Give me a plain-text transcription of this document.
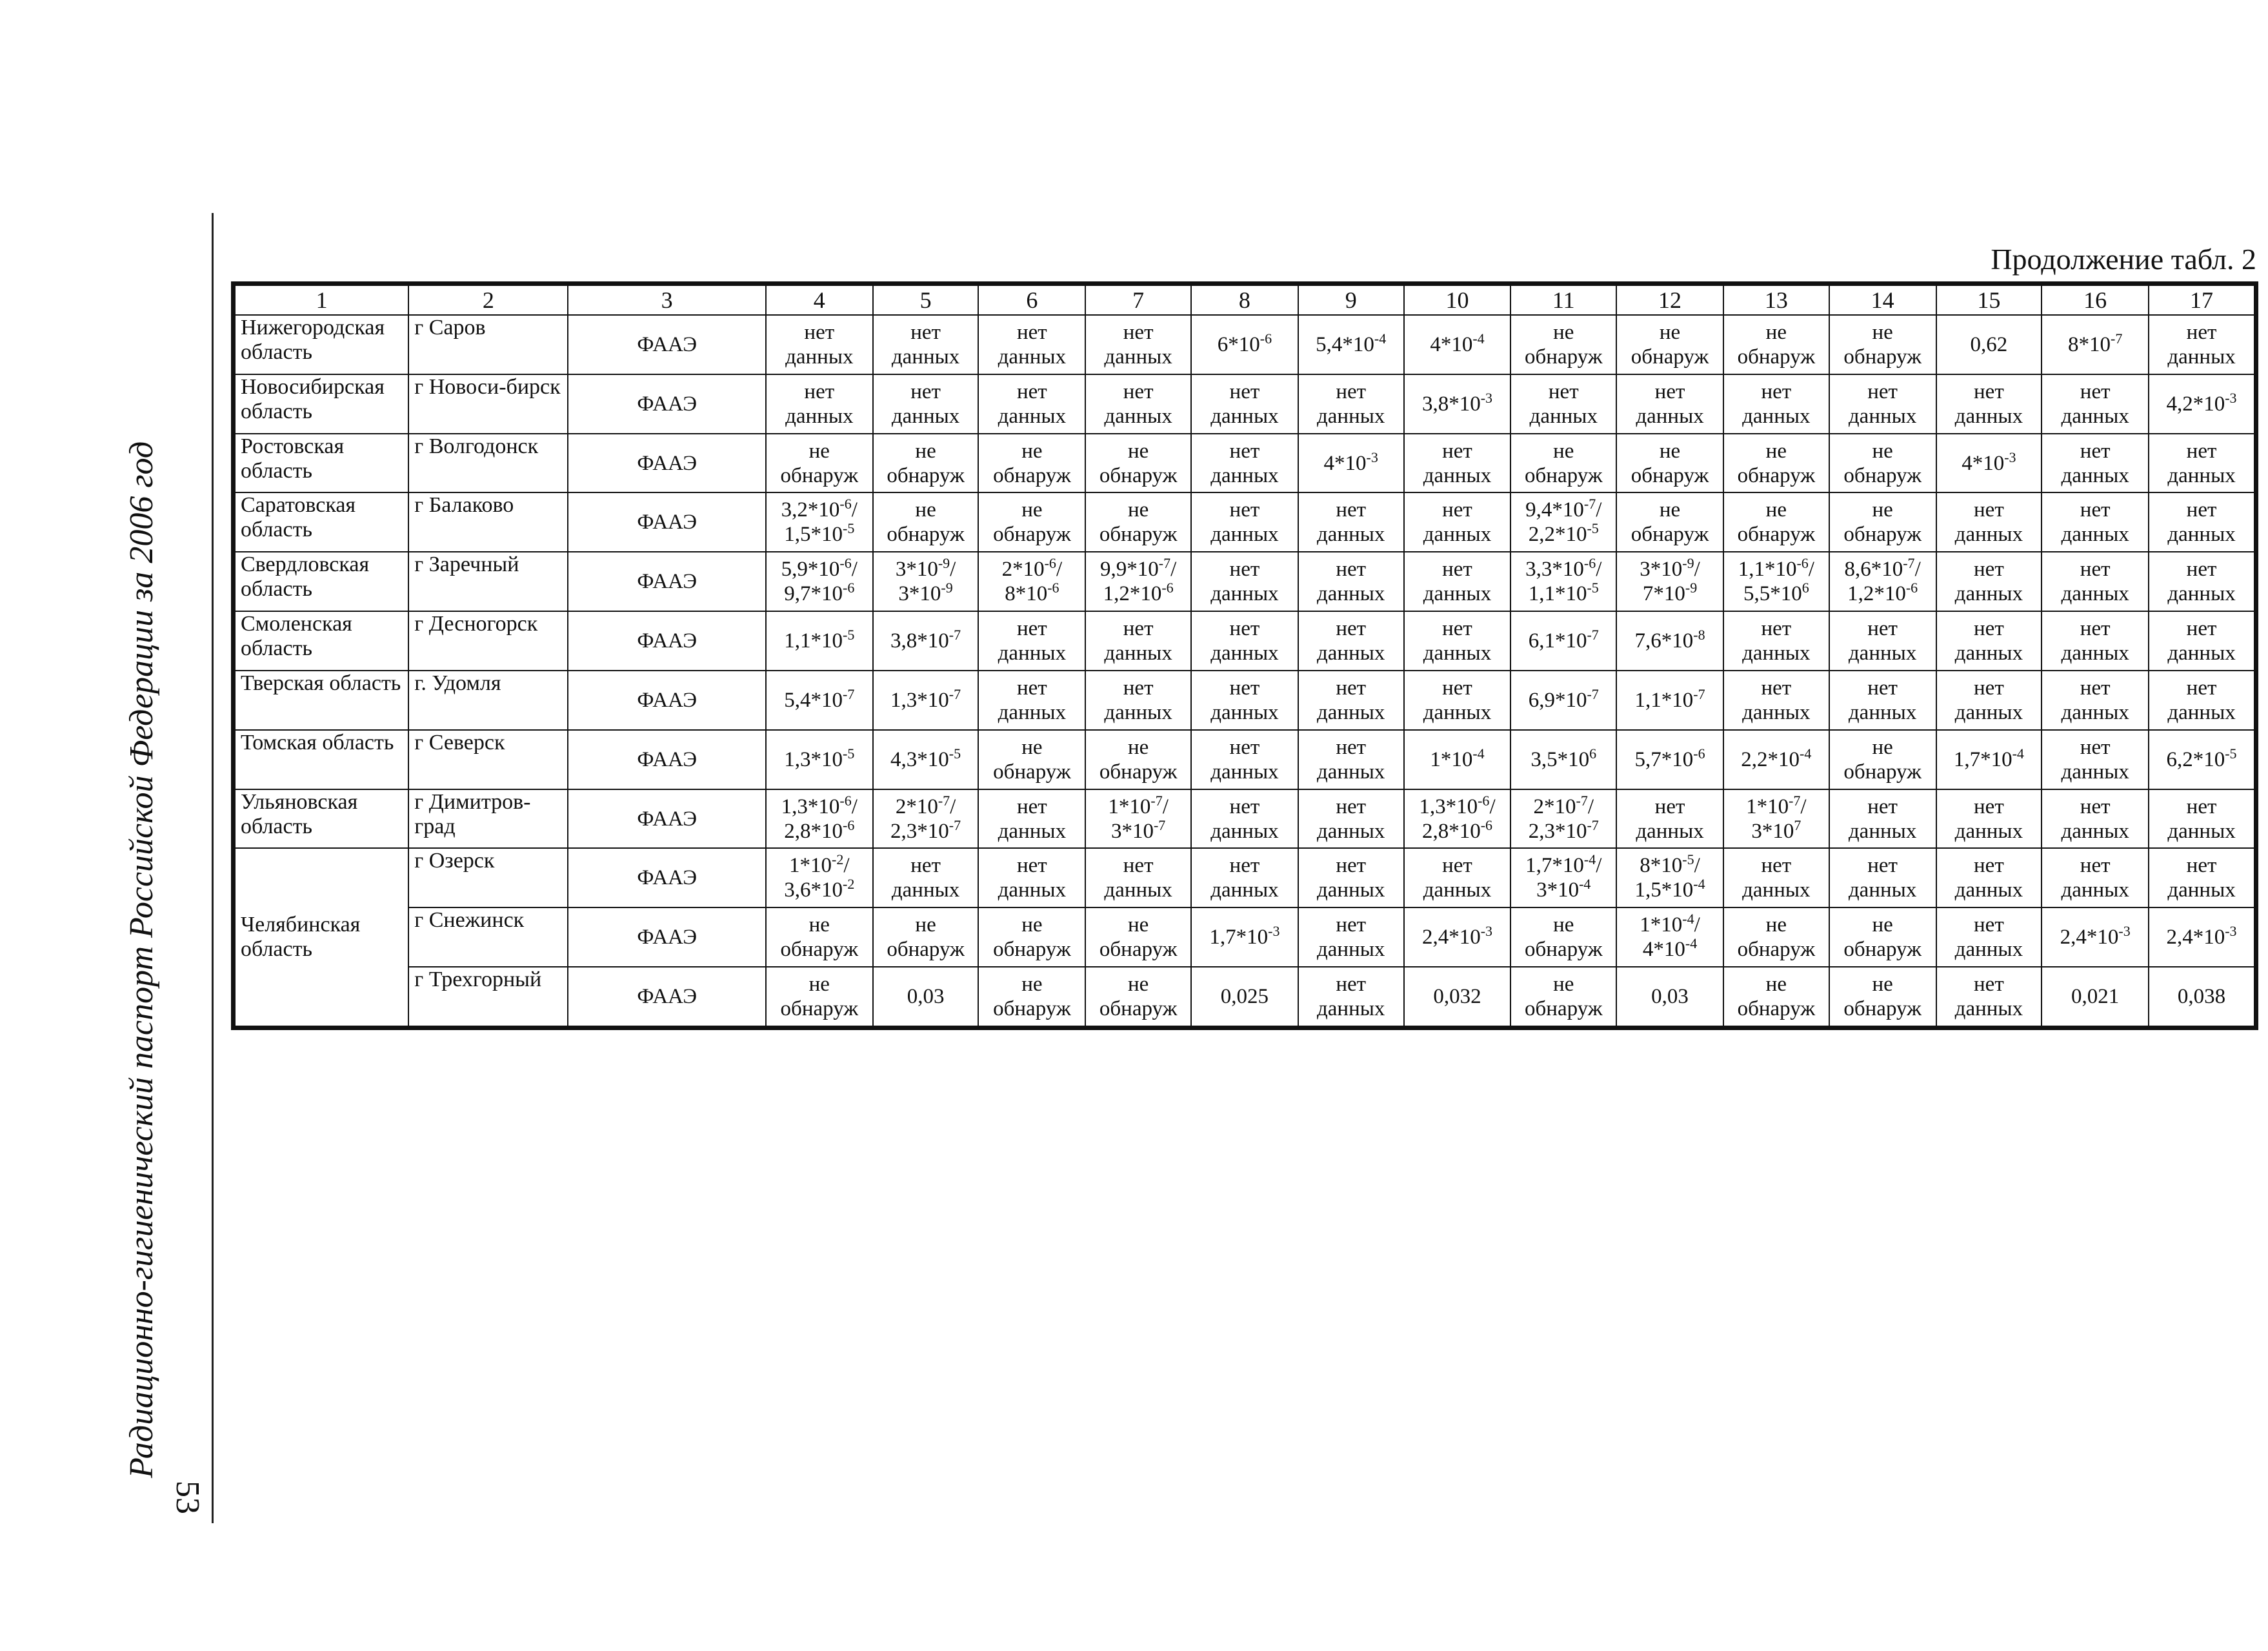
Радиационно-гигиенический паспорт Российской Федерации за 2006 год
53
Продолжение табл. 2
1	2	3	4	5	6	7	8	9	10	11	12	13	14	15	16	17
Нижегородская область	г Саров	ФААЭ	нет данных	нет данных	нет данных	нет данных	$6*10^{-6}$	$5,4*10^{-4}$	$4*10^{-4}$	не обнаруж	не обнаруж	не обнаруж	не обнаруж	0,62	$8*10^{-7}$	нет данных
Новосибирская область	г Новоси-бирск	ФААЭ	нет данных	нет данных	нет данных	нет данных	нет данных	нет данных	$3,8*10^{-3}$	нет данных	нет данных	нет данных	нет данных	нет данных	нет данных	$4,2*10^{-3}$
Ростовская область	г Волгодонск	ФААЭ	не обнаруж	не обнаруж	не обнаруж	не обнаруж	нет данных	$4*10^{-3}$	нет данных	не обнаруж	не обнаруж	не обнаруж	не обнаруж	$4*10^{-3}$	нет данных	нет данных
Саратовская область	г Балаково	ФААЭ	$3,2*10^{-6}/$ $1,5*10^{-5}$	не обнаруж	не обнаруж	не обнаруж	нет данных	нет данных	нет данных	$9,4*10^{-7}/$ $2,2*10^{-5}$	не обнаруж	не обнаруж	не обнаруж	нет данных	нет данных	нет данных
Свердловская область	г Заречный	ФААЭ	$5,9*10^{-6}/$ $9,7*10^{-6}$	$3*10^{-9}/$ $3*10^{-9}$	$2*10^{-6}/$ $8*10^{-6}$	$9,9*10^{-7}/$ $1,2*10^{-6}$	нет данных	нет данных	нет данных	$3,3*10^{-6}/$ $1,1*10^{-5}$	$3*10^{-9}/$ $7*10^{-9}$	$1,1*10^{-6}/$ $5,5*10^6$	$8,6*10^{-7}/$ $1,2*10^{-6}$	нет данных	нет данных	нет данных
Смоленская область	г Десногорск	ФААЭ	$1,1*10^{-5}$	$3,8*10^{-7}$	нет данных	нет данных	нет данных	нет данных	нет данных	$6,1*10^{-7}$	$7,6*10^{-8}$	нет данных	нет данных	нет данных	нет данных	нет данных
Тверская область	г. Удомля	ФААЭ	$5,4*10^{-7}$	$1,3*10^{-7}$	нет данных	нет данных	нет данных	нет данных	нет данных	$6,9*10^{-7}$	$1,1*10^{-7}$	нет данных	нет данных	нет данных	нет данных	нет данных
Томская область	г Северск	ФААЭ	$1,3*10^{-5}$	$4,3*10^{-5}$	не обнаруж	не обнаруж	нет данных	нет данных	$1*10^{-4}$	$3,5*10^6$	$5,7*10^{-6}$	$2,2*10^{-4}$	не обнаруж	$1,7*10^{-4}$	нет данных	$6,2*10^{-5}$
Ульяновская область	г Димитров-град	ФААЭ	$1,3*10^{-6}/$ $2,8*10^{-6}$	$2*10^{-7}/$ $2,3*10^{-7}$	нет данных	$1*10^{-7}/$ $3*10^{-7}$	нет данных	нет данных	$1,3*10^{-6}/$ $2,8*10^{-6}$	$2*10^{-7}/$ $2,3*10^{-7}$	нет данных	$1*10^{-7}/$ $3*10^7$	нет данных	нет данных	нет данных	нет данных
Челябинская область	г Озерск	ФААЭ	$1*10^{-2}/$ $3,6*10^{-2}$	нет данных	нет данных	нет данных	нет данных	нет данных	нет данных	$1,7*10^{-4}/$ $3*10^{-4}$	$8*10^{-5}/$ $1,5*10^{-4}$	нет данных	нет данных	нет данных	нет данных	нет данных
	г Снежинск	ФААЭ	не обнаруж	не обнаруж	не обнаруж	не обнаруж	$1,7*10^{-3}$	нет данных	$2,4*10^{-3}$	не обнаруж	$1*10^{-4}/$ $4*10^{-4}$	не обнаруж	не обнаруж	нет данных	$2,4*10^{-3}$	$2,4*10^{-3}$
	г Трехгорный	ФААЭ	не обнаруж	0,03	не обнаруж	не обнаруж	0,025	нет данных	0,032	не обнаруж	0,03	не обнаруж	не обнаруж	нет данных	0,021	0,038
